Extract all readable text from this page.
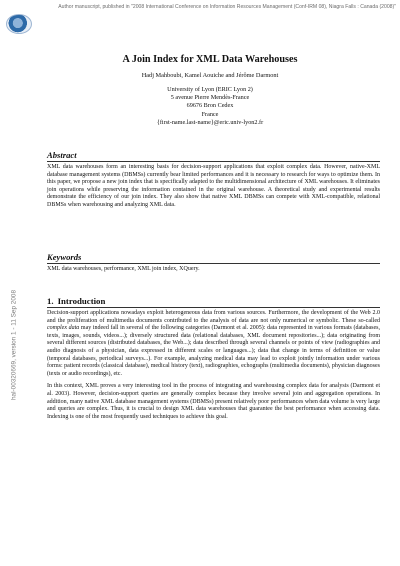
Author manuscript, published in "2008 International Conference on Information Resources Management (Conf-IRM 08), Niagra Falls : Canada (2008)"
hal-00320669, version 1 - 11 Sep 2008
A Join Index for XML Data Warehouses
Hadj Mahboubi, Kamel Aouiche and Jérôme Darmont
University of Lyon (ERIC Lyon 2)
5 avenue Pierre Mendès-France
69676 Bron Cedex
France
{first-name.last-name}@eric.univ-lyon2.fr
Abstract

XML data warehouses form an interesting basis for decision-support applications that exploit complex data. However, native-XML database management systems (DBMSs) currently bear limited performances and it is necessary to research for ways to optimize them. In this paper, we propose a new join index that is specifically adapted to the multidimensional architecture of XML warehouses. It eliminates join operations while preserving the information contained in the original warehouse. A theoretical study and experimental results demonstrate the efficiency of our join index. They also show that native XML DBMSs can compete with XML-compatible, relational DBMSs when warehousing and analyzing XML data.

Keywords

XML data warehouses, performance, XML join index, XQuery.

1. Introduction

Decision-support applications nowadays exploit heterogeneous data from various sources. Furthermore, the development of the Web 2.0 and the proliferation of multimedia documents contributed to the analysis of data are not only numerical or symbolic. These so-called complex data may indeed fall in several of the following categories (Darmont et al. 2005): data represented in various formats (databases, texts, images, sounds, videos...); diversely structured data (relational databases, XML document repositories...); data originating from several different sources (distributed databases, the Web...); data described through several channels or points of view (radiographies and audio diagnosis of a physician, data expressed in different scales or languages...); data that change in terms of definition or value (temporal databases, periodical surveys...). For example, analyzing medical data may lead to exploit jointly information under various forms: patient records (classical database), medical history (text), radiographies, echographs (multimedia documents), physician diagnoses (texts or audio recordings), etc.

In this context, XML proves a very interesting tool in the process of integrating and warehousing complex data for analysis (Darmont et al. 2003). However, decision-support queries are generally complex because they involve several join and aggregation operations. In addition, many native XML database management systems (DBMSs) present relatively poor performances when data volume is very large and queries are complex. Thus, it is crucial to design XML data warehouses that guarantee the best performance when accessing data. Indexing is one of the most frequently used techniques to achieve this goal.
